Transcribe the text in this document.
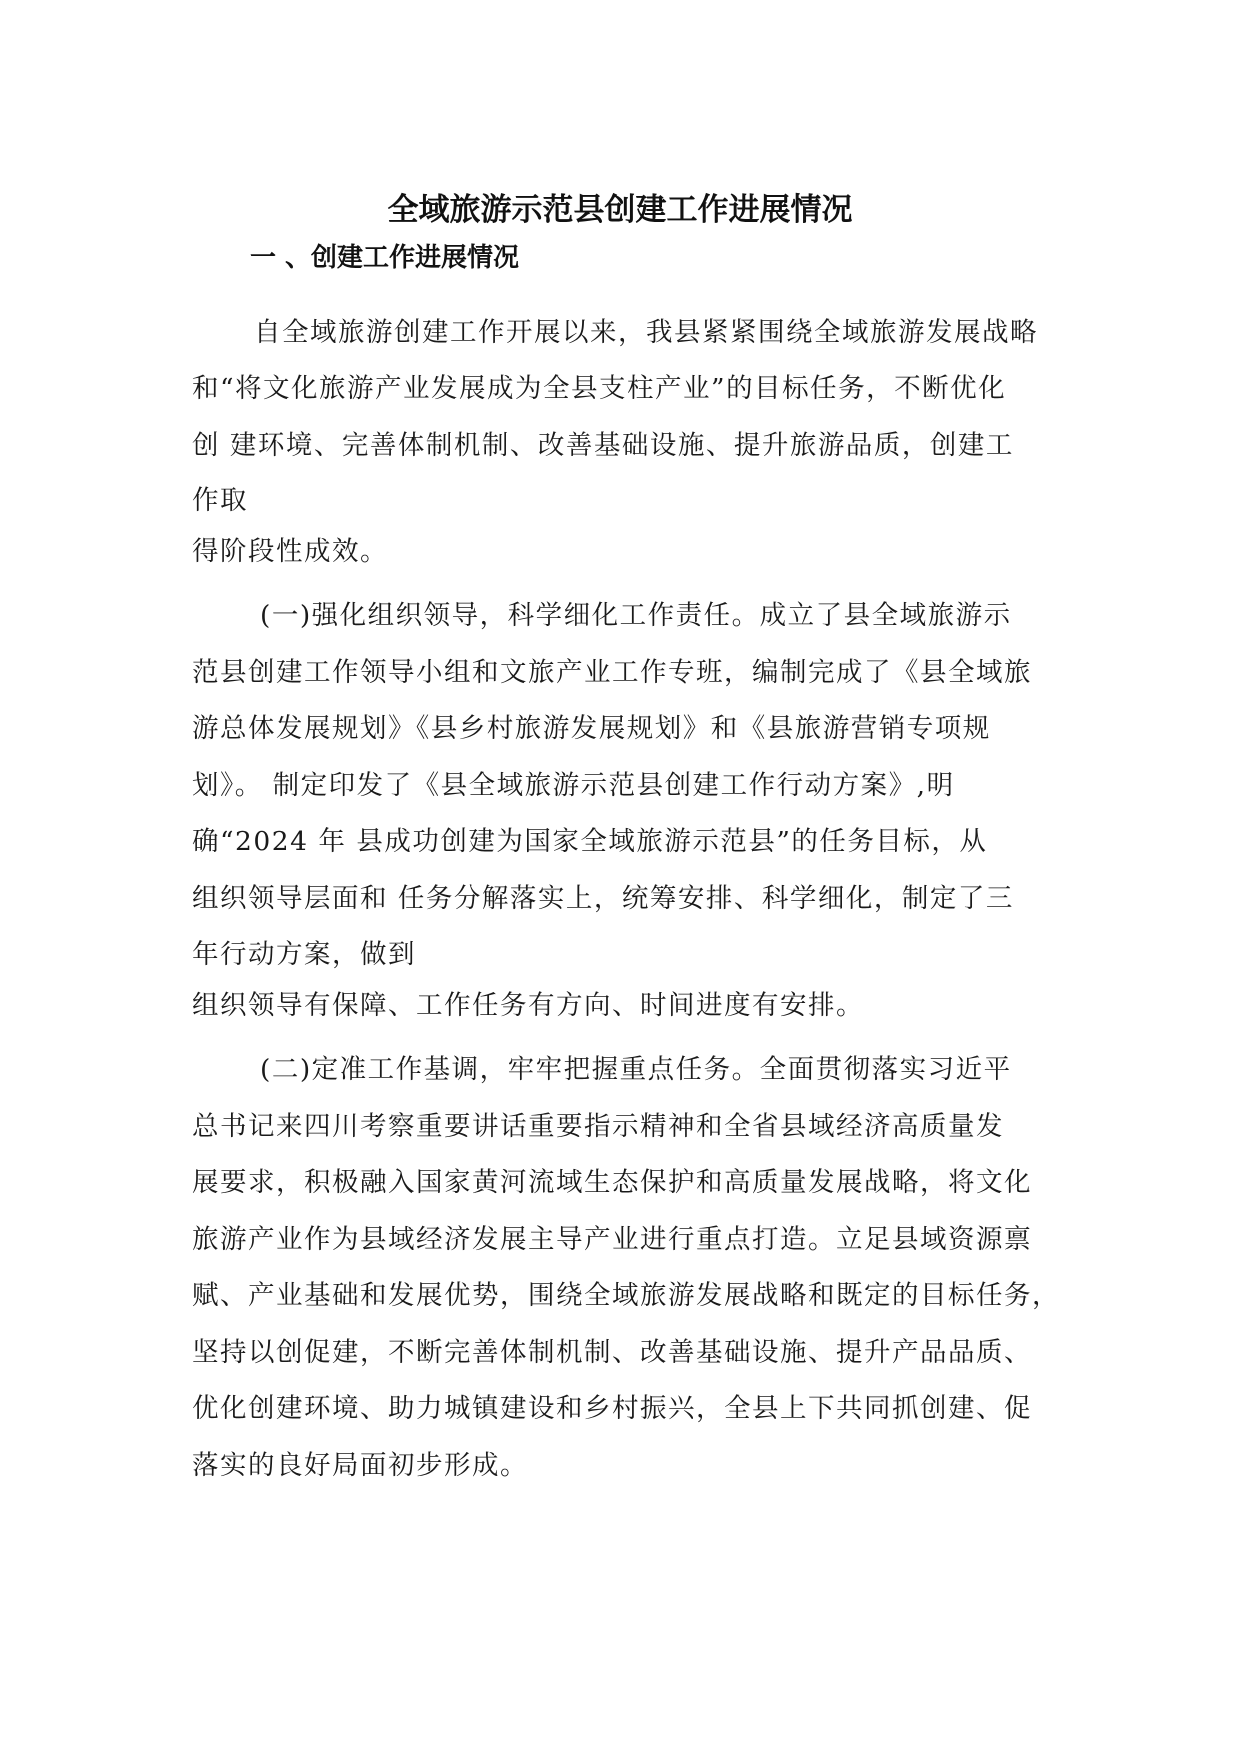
全域旅游示范县创建工作进展情况
一 、创建工作进展情况
自全域旅游创建工作开展以来，我县紧紧围绕全域旅游发展战略
和“将文化旅游产业发展成为全县支柱产业”的目标任务，不断优化
创 建环境、完善体制机制、改善基础设施、提升旅游品质，创建工
作取
得阶段性成效。
(一)强化组织领导，科学细化工作责任。成立了县全域旅游示
范县创建工作领导小组和文旅产业工作专班，编制完成了《县全域旅
游总体发展规划》《县乡村旅游发展规划》和《县旅游营销专项规
划》。 制定印发了《县全域旅游示范县创建工作行动方案》,明
确“2024 年 县成功创建为国家全域旅游示范县”的任务目标，从
组织领导层面和 任务分解落实上，统筹安排、科学细化，制定了三
年行动方案，做到
组织领导有保障、工作任务有方向、时间进度有安排。
(二)定准工作基调，牢牢把握重点任务。全面贯彻落实习近平
总书记来四川考察重要讲话重要指示精神和全省县域经济高质量发
展要求，积极融入国家黄河流域生态保护和高质量发展战略，将文化
旅游产业作为县域经济发展主导产业进行重点打造。立足县域资源禀
赋、产业基础和发展优势，围绕全域旅游发展战略和既定的目标任务，
坚持以创促建，不断完善体制机制、改善基础设施、提升产品品质、
优化创建环境、助力城镇建设和乡村振兴，全县上下共同抓创建、促
落实的良好局面初步形成。
